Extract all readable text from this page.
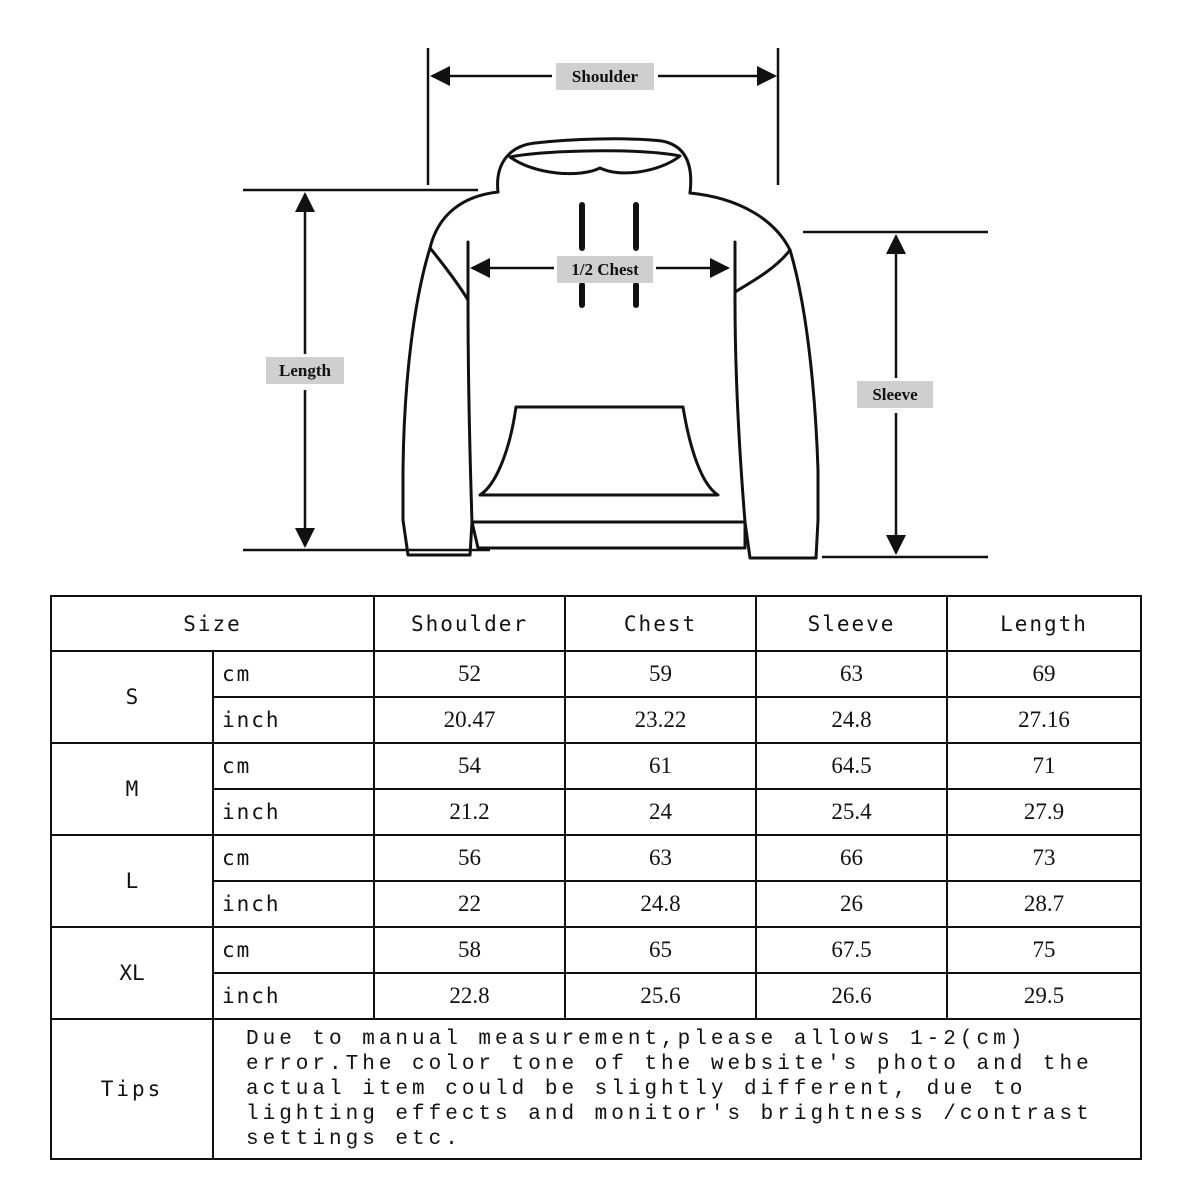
Shoulder
1/2 Chest
Length
Sleeve
Size		Shoulder	Chest	Sleeve	Length
S	cm	52	59	63	69
	inch	20.47	23.22	24.8	27.16
M	cm	54	61	64.5	71
	inch	21.2	24	25.4	27.9
L	cm	56	63	66	73
	inch	22	24.8	26	28.7
XL	cm	58	65	67.5	75
	inch	22.8	25.6	26.6	29.5
Tips	Due to manual measurement,please allows 1-2(cm)
error.The color tone of the website's photo and the
actual item could be slightly different, due to
lighting effects and monitor's brightness /contrast
settings etc.				
